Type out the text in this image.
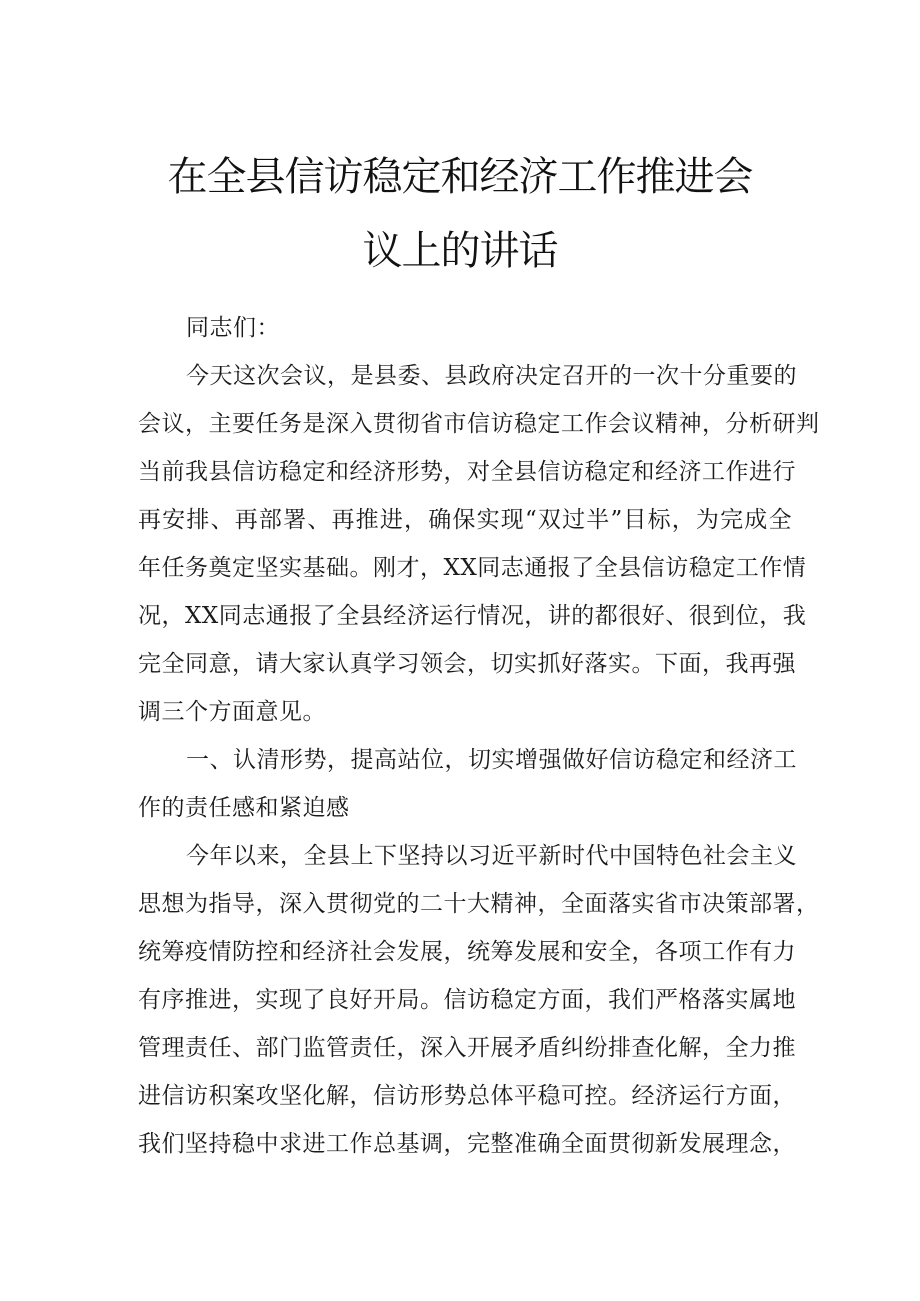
在全县信访稳定和经济工作推进会
议上的讲话
同志们：
今天这次会议，是县委、县政府决定召开的一次十分重要的
会议，主要任务是深入贯彻省市信访稳定工作会议精神，分析研判
当前我县信访稳定和经济形势，对全县信访稳定和经济工作进行
再安排、再部署、再推进，确保实现“双过半”目标，为完成全
年任务奠定坚实基础。刚才，XX同志通报了全县信访稳定工作情
况，XX同志通报了全县经济运行情况，讲的都很好、很到位，我
完全同意，请大家认真学习领会，切实抓好落实。下面，我再强
调三个方面意见。
一、认清形势，提高站位，切实增强做好信访稳定和经济工
作的责任感和紧迫感
今年以来，全县上下坚持以习近平新时代中国特色社会主义
思想为指导，深入贯彻党的二十大精神，全面落实省市决策部署，
统筹疫情防控和经济社会发展，统筹发展和安全，各项工作有力
有序推进，实现了良好开局。信访稳定方面，我们严格落实属地
管理责任、部门监管责任，深入开展矛盾纠纷排查化解，全力推
进信访积案攻坚化解，信访形势总体平稳可控。经济运行方面，
我们坚持稳中求进工作总基调，完整准确全面贯彻新发展理念，
